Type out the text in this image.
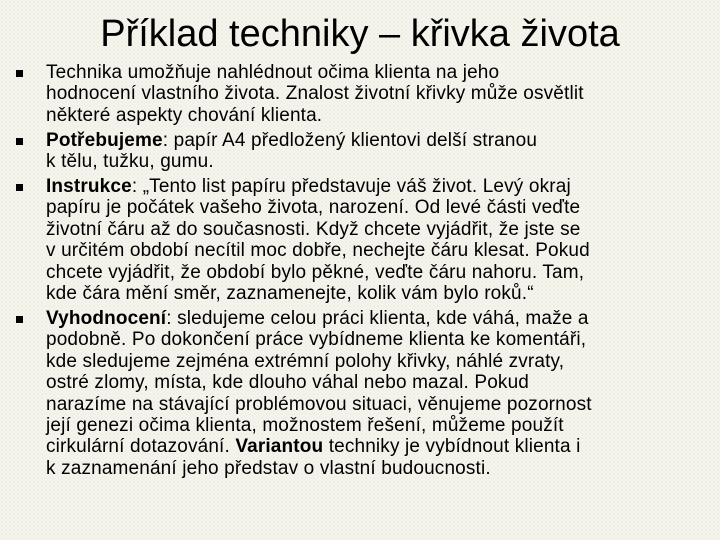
Příklad techniky – křivka života
Technika umožňuje nahlédnout očima klienta na jeho
hodnocení vlastního života. Znalost životní křivky může osvětlit
některé aspekty chování klienta.
Potřebujeme: papír A4 předložený klientovi delší stranou
k tělu, tužku, gumu.
Instrukce: „Tento list papíru představuje váš život. Levý okraj
papíru je počátek vašeho života, narození. Od levé části veďte
životní čáru až do současnosti. Když chcete vyjádřit, že jste se
v určitém období necítil moc dobře, nechejte čáru klesat. Pokud
chcete vyjádřit, že období bylo pěkné, veďte čáru nahoru. Tam,
kde čára mění směr, zaznamenejte, kolik vám bylo roků.“
Vyhodnocení: sledujeme celou práci klienta, kde váhá, maže a
podobně. Po dokončení práce vybídneme klienta ke komentáři,
kde sledujeme zejména extrémní polohy křivky, náhlé zvraty,
ostré zlomy, místa, kde dlouho váhal nebo mazal. Pokud
narazíme na stávající problémovou situaci, věnujeme pozornost
její genezi očima klienta, možnostem řešení, můžeme použít
cirkulární dotazování. Variantou techniky je vybídnout klienta i
k zaznamenání jeho představ o vlastní budoucnosti.
